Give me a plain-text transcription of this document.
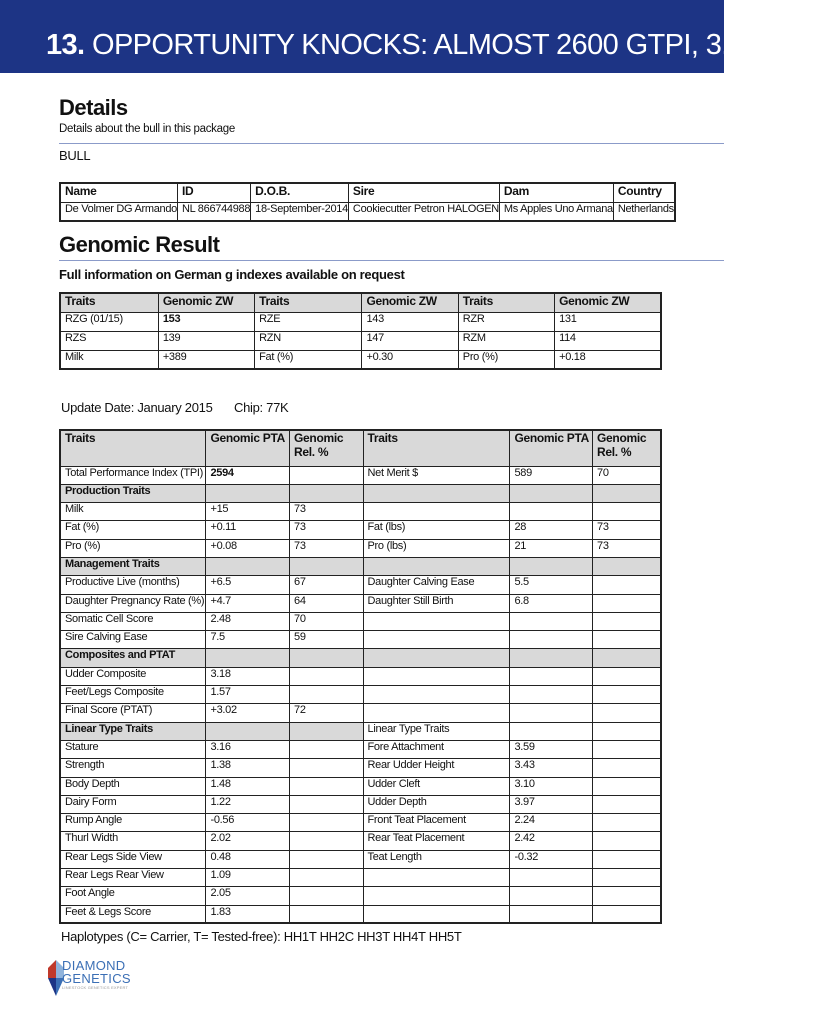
13. OPPORTUNITY KNOCKS: ALMOST 2600 GTPI, 3.0 PTAT
Details
Details about the bull in this package
BULL
Name	ID	D.O.B.	Sire	Dam	Country
De Volmer DG Armando	NL 866744988	18-September-2014	Cookiecutter Petron HALOGEN	Ms Apples Uno Armana	Netherlands
Genomic Result
Full information on German g indexes available on request
Traits	Genomic ZW	Traits	Genomic ZW	Traits	Genomic ZW
RZG (01/15)	153	RZE	143	RZR	131
RZS	139	RZN	147	RZM	114
Milk	+389	Fat (%)	+0.30	Pro (%)	+0.18
Update Date: January 2015 Chip: 77K
Traits	Genomic PTA	Genomic Rel. %	Traits	Genomic PTA	Genomic Rel. %
Total Performance Index (TPI)	2594		Net Merit $	589	70
Production Traits					
Milk	+15	73			
Fat (%)	+0.11	73	Fat (lbs)	28	73
Pro (%)	+0.08	73	Pro (lbs)	21	73
Management Traits					
Productive Live (months)	+6.5	67	Daughter Calving Ease	5.5	
Daughter Pregnancy Rate (%)	+4.7	64	Daughter Still Birth	6.8	
Somatic Cell Score	2.48	70			
Sire Calving Ease	7.5	59			
Composites and PTAT					
Udder Composite	3.18				
Feet/Legs Composite	1.57				
Final Score (PTAT)	+3.02	72			
Linear Type Traits			Linear Type Traits		
Stature	3.16		Fore Attachment	3.59	
Strength	1.38		Rear Udder Height	3.43	
Body Depth	1.48		Udder Cleft	3.10	
Dairy Form	1.22		Udder Depth	3.97	
Rump Angle	-0.56		Front Teat Placement	2.24	
Thurl Width	2.02		Rear Teat Placement	2.42	
Rear Legs Side View	0.48		Teat Length	-0.32	
Rear Legs Rear View	1.09				
Foot Angle	2.05				
Feet & Legs Score	1.83				
Haplotypes (C= Carrier, T= Tested-free): HH1T HH2C HH3T HH4T HH5T
DIAMOND
GENETICS
LINESTOCK GENETICS EXPERT
